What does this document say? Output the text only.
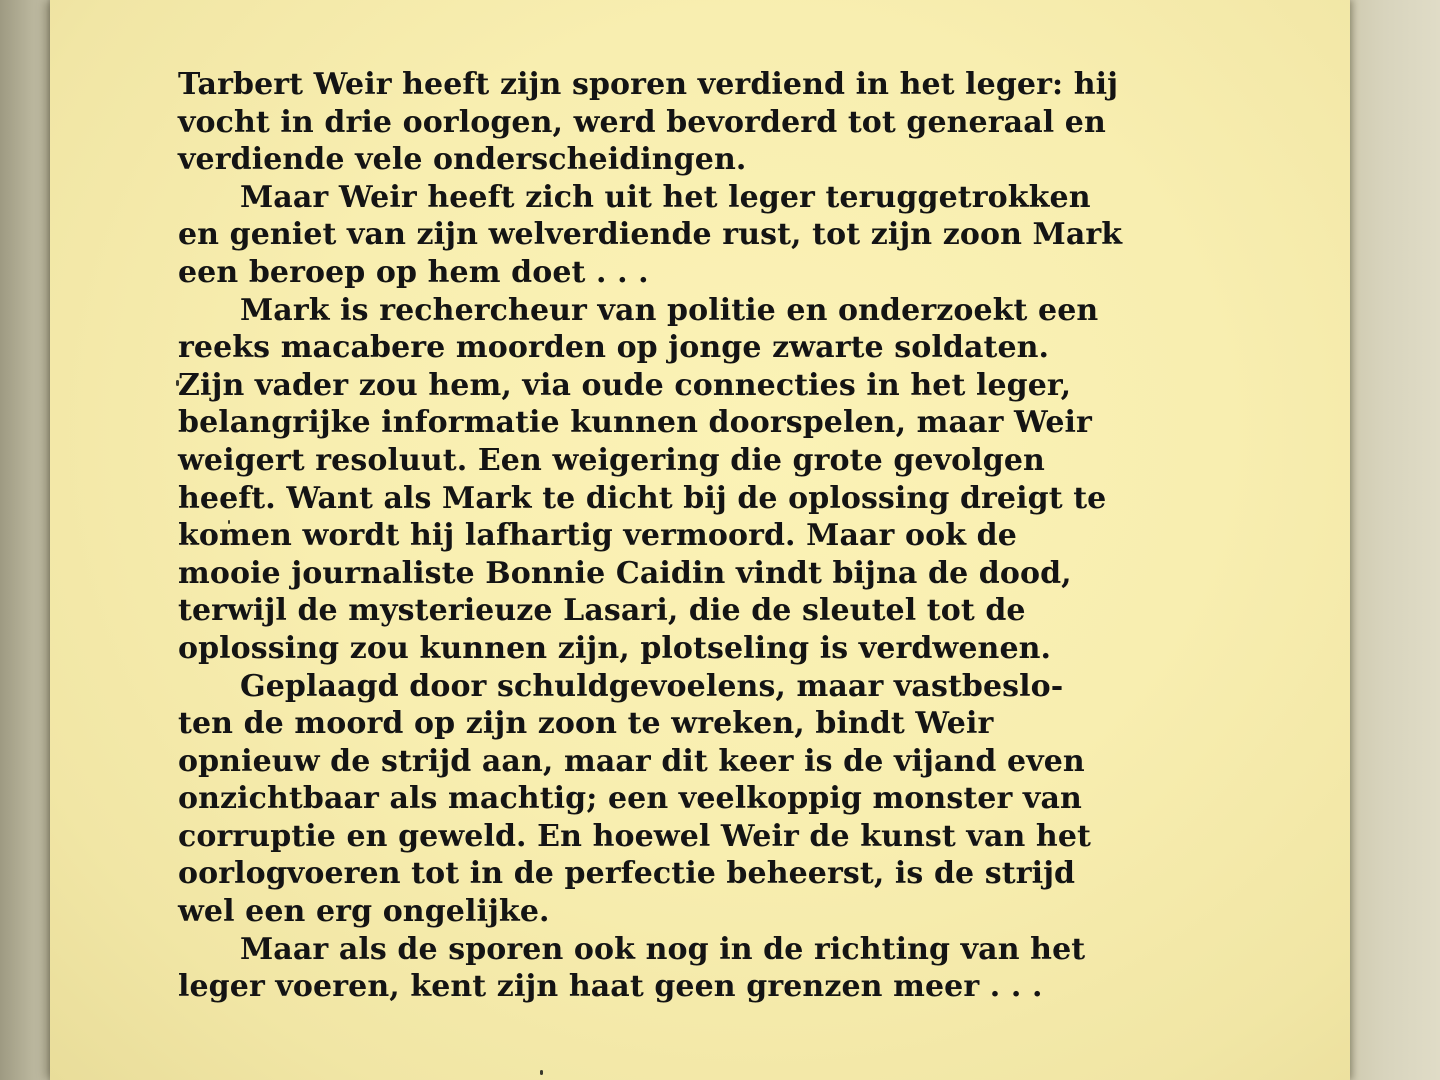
Tarbert Weir heeft zijn sporen verdiend in het leger: hij
vocht in drie oorlogen, werd bevorderd tot generaal en
verdiende vele onderscheidingen.
Maar Weir heeft zich uit het leger teruggetrokken
en geniet van zijn welverdiende rust, tot zijn zoon Mark
een beroep op hem doet . . .
Mark is rechercheur van politie en onderzoekt een
reeks macabere moorden op jonge zwarte soldaten.
Zijn vader zou hem, via oude connecties in het leger,
belangrijke informatie kunnen doorspelen, maar Weir
weigert resoluut. Een weigering die grote gevolgen
heeft. Want als Mark te dicht bij de oplossing dreigt te
komen wordt hij lafhartig vermoord. Maar ook de
mooie journaliste Bonnie Caidin vindt bijna de dood,
terwijl de mysterieuze Lasari, die de sleutel tot de
oplossing zou kunnen zijn, plotseling is verdwenen.
Geplaagd door schuldgevoelens, maar vastbeslo-
ten de moord op zijn zoon te wreken, bindt Weir
opnieuw de strijd aan, maar dit keer is de vijand even
onzichtbaar als machtig; een veelkoppig monster van
corruptie en geweld. En hoewel Weir de kunst van het
oorlogvoeren tot in de perfectie beheerst, is de strijd
wel een erg ongelijke.
Maar als de sporen ook nog in de richting van het
leger voeren, kent zijn haat geen grenzen meer . . .
